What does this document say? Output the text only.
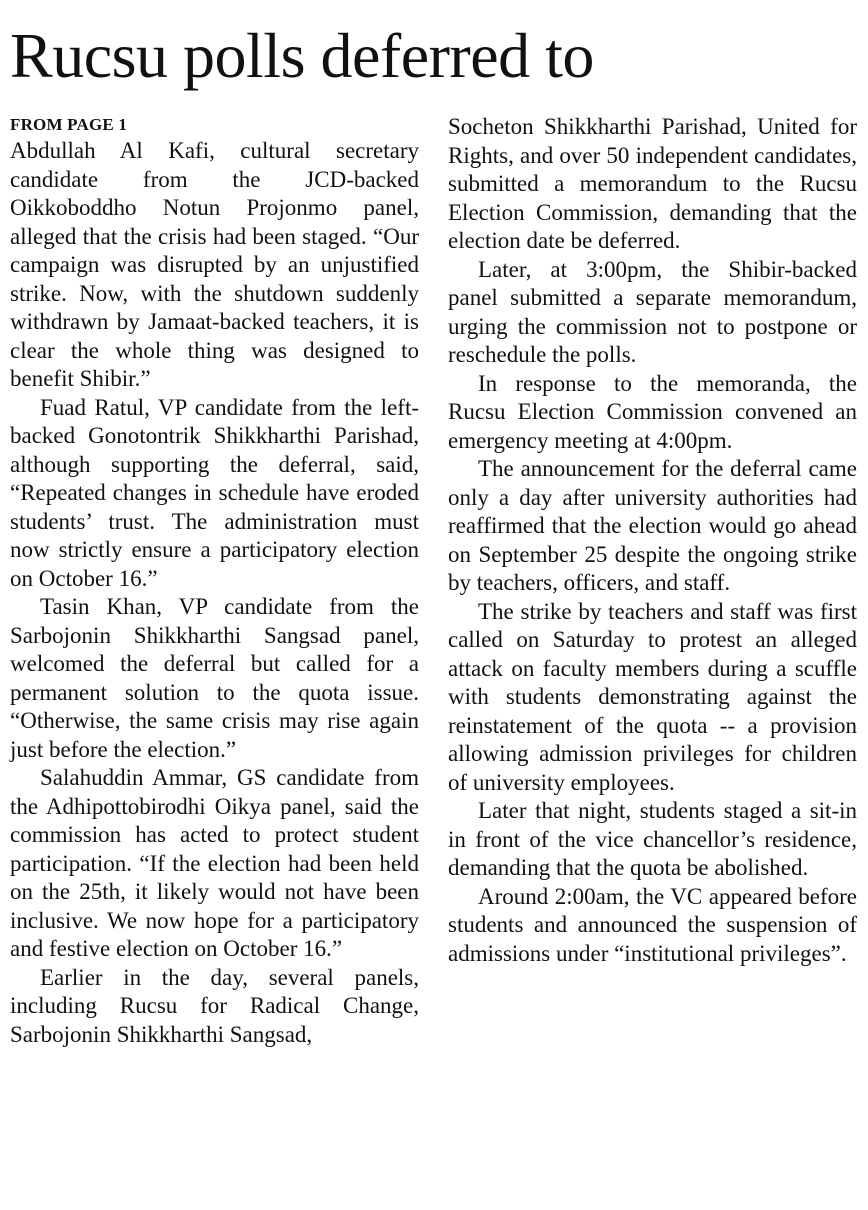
Rucsu polls deferred to
FROM PAGE 1

Abdullah Al Kafi, cultural secretary candidate from the JCD-backed Oikkoboddho Notun Projonmo panel, alleged that the crisis had been staged. “Our campaign was disrupted by an unjustified strike. Now, with the shutdown suddenly withdrawn by Jamaat-backed teachers, it is clear the whole thing was designed to benefit Shibir.”

Fuad Ratul, VP candidate from the left-backed Gonotontrik Shikkharthi Parishad, although supporting the deferral, said, “Repeated changes in schedule have eroded students’ trust. The administration must now strictly ensure a participatory election on October 16.”

Tasin Khan, VP candidate from the Sarbojonin Shikkharthi Sangsad panel, welcomed the deferral but called for a permanent solution to the quota issue. “Otherwise, the same crisis may rise again just before the election.”

Salahuddin Ammar, GS candidate from the Adhipottobirodhi Oikya panel, said the commission has acted to protect student participation. “If the election had been held on the 25th, it likely would not have been inclusive. We now hope for a participatory and festive election on October 16.”

Earlier in the day, several panels, including Rucsu for Radical Change, Sarbojonin Shikkharthi Sangsad,

Socheton Shikkharthi Parishad, United for Rights, and over 50 independent candidates, submitted a memorandum to the Rucsu Election Commission, demanding that the election date be deferred.

Later, at 3:00pm, the Shibir-backed panel submitted a separate memorandum, urging the commission not to postpone or reschedule the polls.

In response to the memoranda, the Rucsu Election Commission convened an emergency meeting at 4:00pm.

The announcement for the deferral came only a day after university authorities had reaffirmed that the election would go ahead on September 25 despite the ongoing strike by teachers, officers, and staff.

The strike by teachers and staff was first called on Saturday to protest an alleged attack on faculty members during a scuffle with students demonstrating against the reinstatement of the quota -- a provision allowing admission privileges for children of university employees.

Later that night, students staged a sit-in in front of the vice chancellor’s residence, demanding that the quota be abolished.

Around 2:00am, the VC appeared before students and announced the suspension of admissions under “institutional privileges”.
